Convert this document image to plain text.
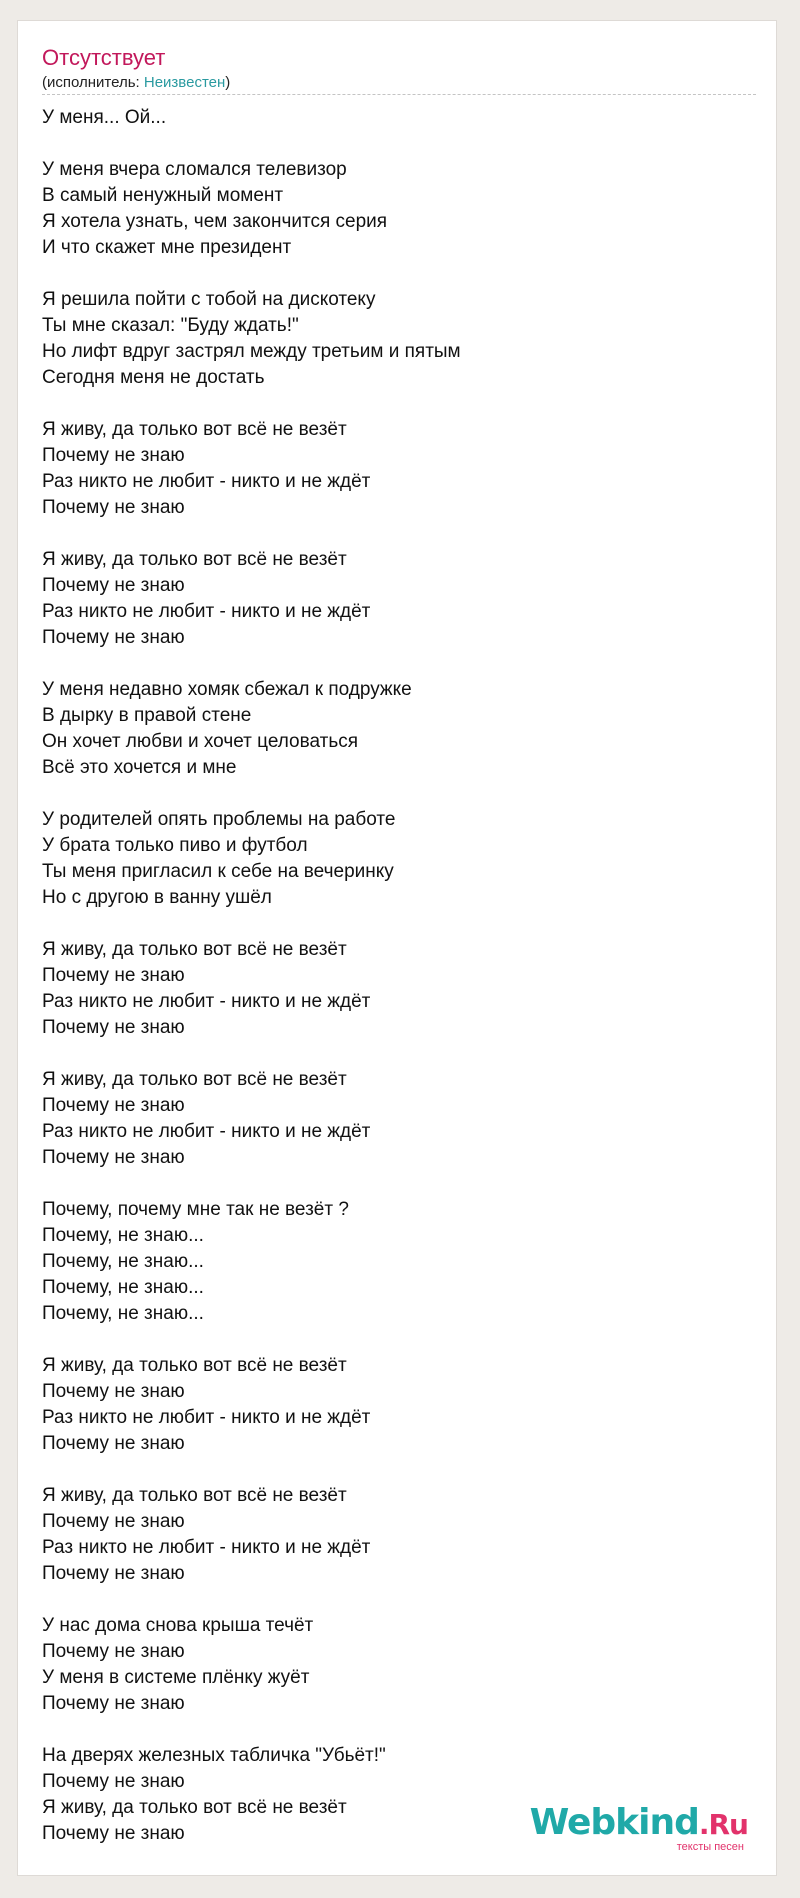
Отсутствует
(исполнитель: Неизвестен)
У меня... Ой...
У меня вчера сломался телевизор
В самый ненужный момент
Я хотела узнать, чем закончится серия
И что скажет мне президент
Я решила пойти с тобой на дискотеку
Ты мне сказал: "Буду ждать!"
Но лифт вдруг застрял между третьим и пятым
Сегодня меня не достать
Я живу, да только вот всё не везёт
Почему не знаю
Раз никто не любит - никто и не ждёт
Почему не знаю
Я живу, да только вот всё не везёт
Почему не знаю
Раз никто не любит - никто и не ждёт
Почему не знаю
У меня недавно хомяк сбежал к подружке
В дырку в правой стене
Он хочет любви и хочет целоваться
Всё это хочется и мне
У родителей опять проблемы на работе
У брата только пиво и футбол
Ты меня пригласил к себе на вечеринку
Но с другою в ванну ушёл
Я живу, да только вот всё не везёт
Почему не знаю
Раз никто не любит - никто и не ждёт
Почему не знаю
Я живу, да только вот всё не везёт
Почему не знаю
Раз никто не любит - никто и не ждёт
Почему не знаю
Почему, почему мне так не везёт ?
Почему, не знаю...
Почему, не знаю...
Почему, не знаю...
Почему, не знаю...
Я живу, да только вот всё не везёт
Почему не знаю
Раз никто не любит - никто и не ждёт
Почему не знаю
Я живу, да только вот всё не везёт
Почему не знаю
Раз никто не любит - никто и не ждёт
Почему не знаю
У нас дома снова крыша течёт
Почему не знаю
У меня в системе плёнку жуёт
Почему не знаю
На дверях железных табличка "Убьёт!"
Почему не знаю
Я живу, да только вот всё не везёт
Почему не знаю	Webkind.Ru
тексты песен
